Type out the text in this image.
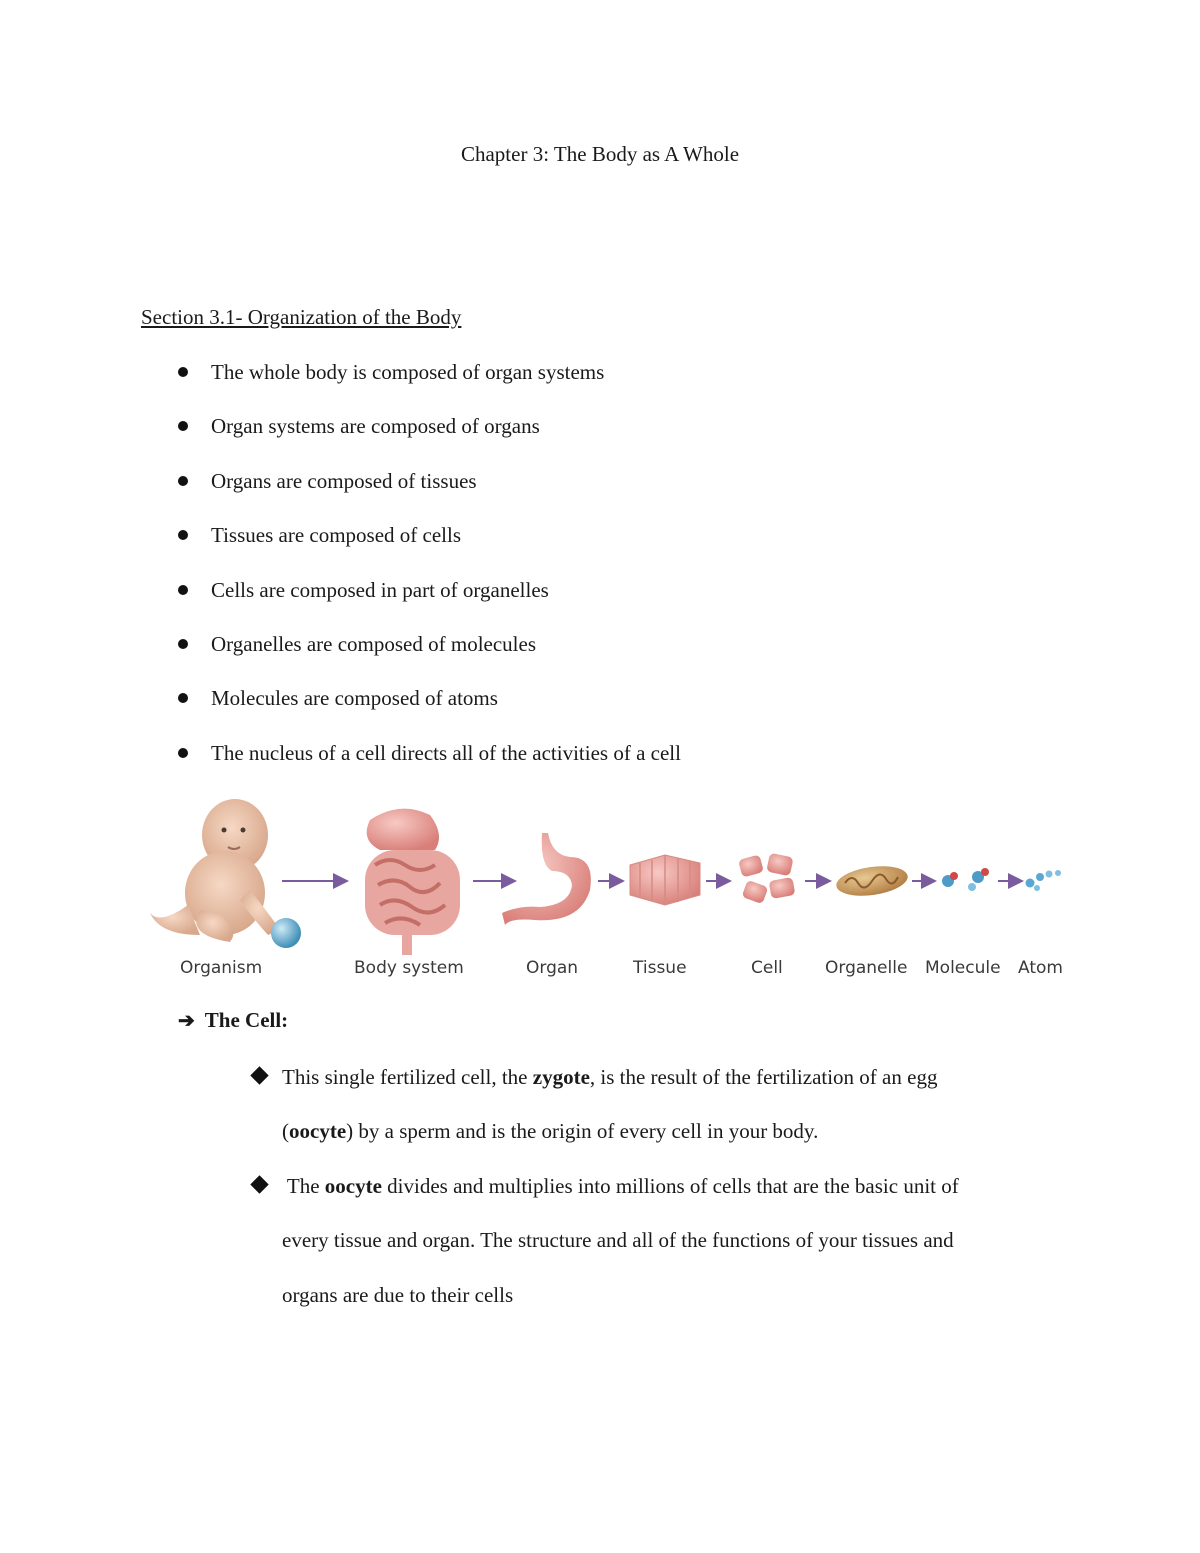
Chapter 3: The Body as A Whole
Section 3.1- Organization of the Body
The whole body is composed of organ systems
Organ systems are composed of organs
Organs are composed of tissues
Tissues are composed of cells
Cells are composed in part of organelles
Organelles are composed of molecules
Molecules are composed of atoms
The nucleus of a cell directs all of the activities of a cell
Organism	Body system	Organ	Tissue	Cell Organelle Molecule Atom
➔ The Cell:
This single fertilized cell, the zygote, is the result of the fertilization of an egg
(oocyte) by a sperm and is the origin of every cell in your body.
The oocyte divides and multiplies into millions of cells that are the basic unit of
every tissue and organ. The structure and all of the functions of your tissues and
organs are due to their cells
